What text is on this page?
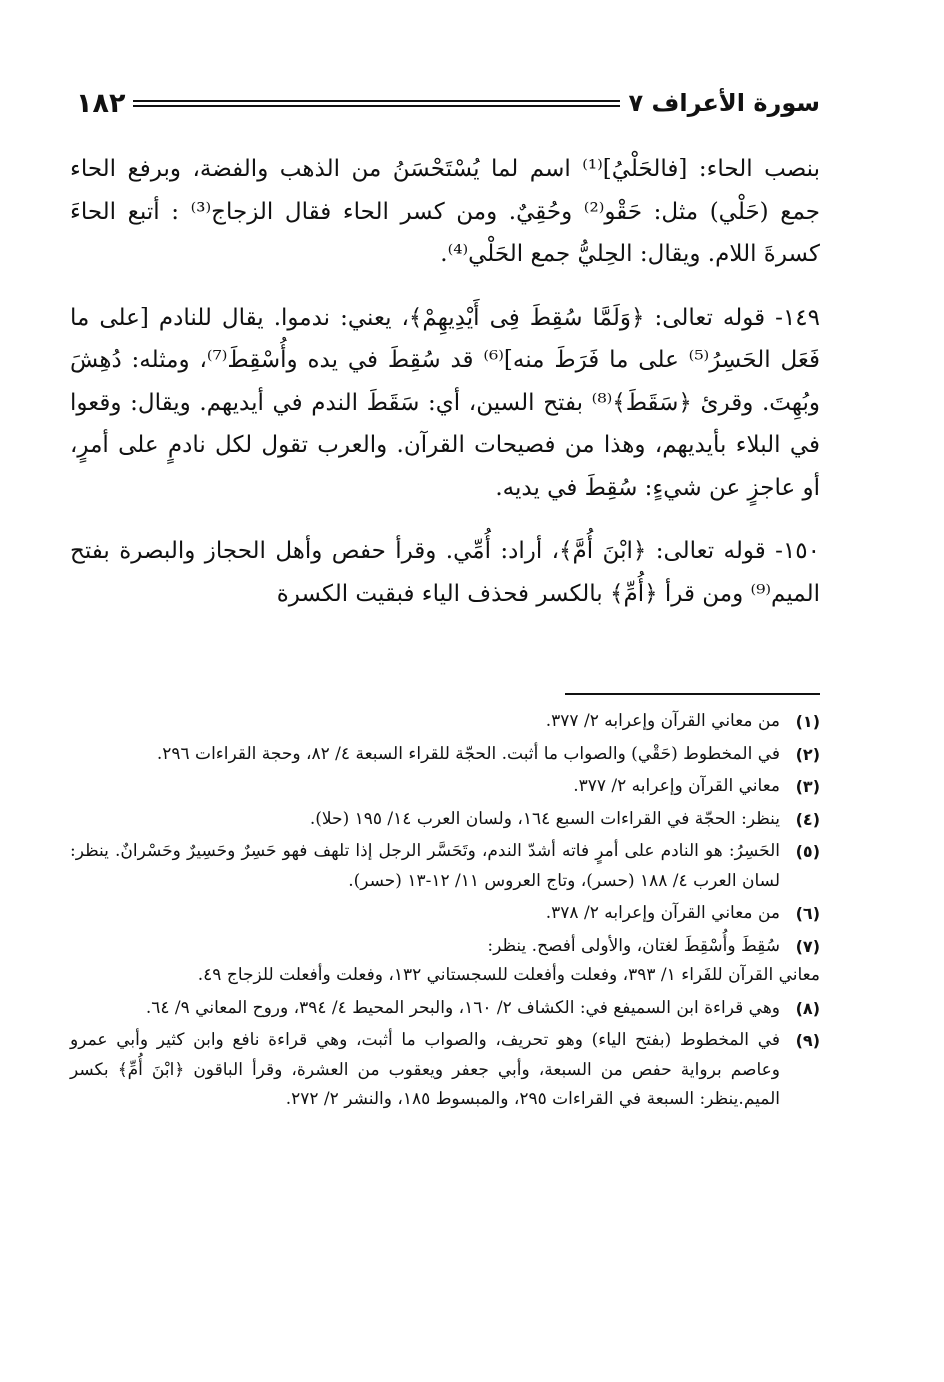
سورة الأعراف ٧
١٨٢

بنصب الحاء: [فالحَلْيُ]⁽¹⁾ اسم لما يُسْتَحْسَنُ من الذهب والفضة، وبرفع الحاء جمع (حَلْي) مثل: حَقْو⁽²⁾ وحُقِيٌ. ومن كسر الحاء فقال الزجاج⁽³⁾ : أتبع الحاءَ كسرةَ اللام. ويقال: الحِليُّ جمع الحَلْي⁽⁴⁾.

١٤٩- قوله تعالى: ﴿وَلَمَّا سُقِطَ فِى أَيْدِيهِمْ﴾، يعني: ندموا. يقال للنادم [على ما فَعَل الحَسِرُ⁽⁵⁾ على ما فَرَطَ منه]⁽⁶⁾ قد سُقِطَ في يده وأُسْقِطَ⁽⁷⁾، ومثله: دُهِشَ وبُهِتَ. وقرئ ﴿سَقَطَ﴾⁽⁸⁾ بفتح السين، أي: سَقَطَ الندم في أيديهم. ويقال: وقعوا في البلاء بأيديهم، وهذا من فصيحات القرآن. والعرب تقول لكل نادمٍ على أمرٍ، أو عاجزٍ عن شيءٍ: سُقِطَ في يديه.

١٥٠- قوله تعالى: ﴿ابْنَ أُمَّ﴾، أراد: أُمِّي. وقرأ حفص وأهل الحجاز والبصرة بفتح الميم⁽⁹⁾ ومن قرأ ﴿أُمِّ﴾ بالكسر فحذف الياء فبقيت الكسرة

(١)
من معاني القرآن وإعرابه ٢/ ٣٧٧.
(٢)
في المخطوط (حَقْي) والصواب ما أثبت. الحجّة للقراء السبعة ٤/ ٨٢، وحجة القراءات ٢٩٦.
(٣)
معاني القرآن وإعرابه ٢/ ٣٧٧.
(٤)
ينظر: الحجّة في القراءات السبع ١٦٤، ولسان العرب ١٤/ ١٩٥ (حلا).
(٥)
الحَسِرُ: هو النادم على أمرٍ فاته أشدّ الندم، وتَحَسَّر الرجل إذا تلهف فهو حَسِرٌ وحَسِيرٌ وحَسْرانٌ. ينظر: لسان العرب ٤/ ١٨٨ (حسر)، وتاج العروس ١١/ ١٢-١٣ (حسر).
(٦)
من معاني القرآن وإعرابه ٢/ ٣٧٨.
(٧)
سُقِطَ وأُسْقِطَ لغتان، والأولى أفصح. ينظر:
معاني القرآن للفَراء ١/ ٣٩٣، وفعلت وأفعلت للسجستاني ١٣٢، وفعلت وأفعلت للزجاج ٤٩.
(٨)
وهي قراءة ابن السميفع في: الكشاف ٢/ ١٦٠، والبحر المحيط ٤/ ٣٩٤، وروح المعاني ٩/ ٦٤.
(٩)
في المخطوط (بفتح الياء) وهو تحريف، والصواب ما أثبت، وهي قراءة نافع وابن كثير وأبي عمرو وعاصم برواية حفص من السبعة، وأبي جعفر ويعقوب من العشرة، وقرأ الباقون ﴿ابْنَ أُمِّ﴾ بكسر الميم.ينظر: السبعة في القراءات ٢٩٥، والمبسوط ١٨٥، والنشر ٢/ ٢٧٢.
